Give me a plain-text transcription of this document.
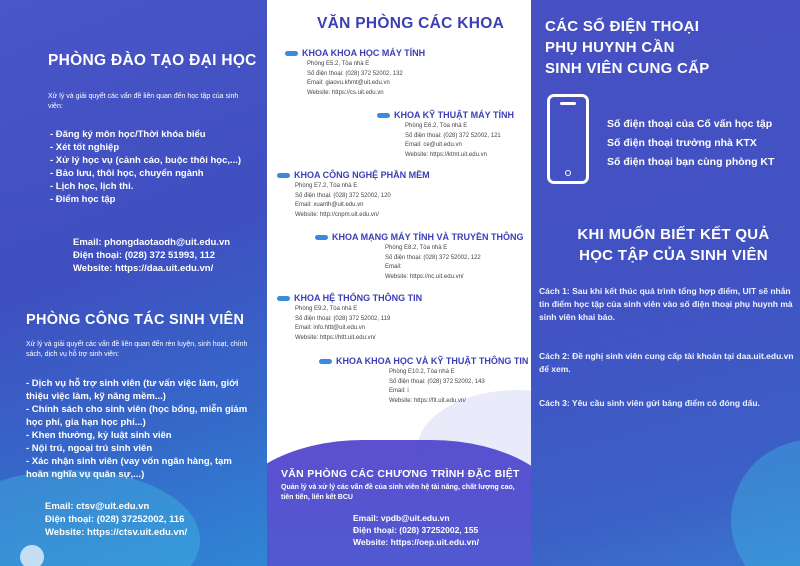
PHÒNG ĐÀO TẠO ĐẠI HỌC
Xử lý và giải quyết các vấn đề liên quan đến học tập của sinh viên:
- Đăng ký môn học/Thời khóa biểu
- Xét tốt nghiệp
- Xử lý học vụ (cảnh cáo, buộc thôi học,...)
- Bảo lưu, thôi học, chuyển ngành
- Lịch học, lịch thi.
- Điểm học tập
Email: phongdaotaodh@uit.edu.vn
Điện thoại: (028) 372 51993, 112
Website: https://daa.uit.edu.vn/
PHÒNG CÔNG TÁC SINH VIÊN
Xử lý và giải quyết các vấn đề liên quan đến rèn luyện, sinh hoạt, chính sách, dịch vụ hỗ trợ sinh viên:
- Dịch vụ hỗ trợ sinh viên (tư vấn việc làm, giới thiệu việc làm, kỹ năng mềm...)
- Chính sách cho sinh viên (học bổng, miễn giảm học phí, gia hạn học phí...)
- Khen thưởng, kỷ luật sinh viên
- Nội trú, ngoại trú sinh viên
- Xác nhận sinh viên (vay vốn ngân hàng, tạm hoãn nghĩa vụ quân sự,...)
Email: ctsv@uit.edu.vn
Điện thoại: (028) 37252002, 116
Website: https://ctsv.uit.edu.vn/
VĂN PHÒNG CÁC KHOA
KHOA KHOA HỌC MÁY TÍNH
Phòng E5.2, Tòa nhà E
Số điện thoại: (028) 372 52002, 132
Email: giaovu.khmt@uit.edu.vn
Website: https://cs.uit.edu.vn
KHOA KỸ THUẬT MÁY TÍNH
Phòng E6.2, Tòa nhà E
Số điện thoại: (028) 372 52002, 121
Email: ce@uit.edu.vn
Website: https://ktmt.uit.edu.vn
KHOA CÔNG NGHỆ PHẦN MỀM
Phòng E7.2, Tòa nhà E
Số điện thoại: (028) 372 52002, 120
Email: xuanth@uit.edu.vn
Website: http://cnpm.uit.edu.vn/
KHOA MẠNG MÁY TÍNH VÀ TRUYỀN THÔNG
Phòng E8.2, Tòa nhà E
Số điện thoại: (028) 372 52002, 122
Email:
Website: https://nc.uit.edu.vn/
KHOA HỆ THỐNG THÔNG TIN
Phòng E9.2, Tòa nhà E
Số điện thoại: (028) 372 52002, 119
Email: info.httt@uit.edu.vn
Website: https://httt.uit.edu.vn/
KHOA KHOA HỌC VÀ KỸ THUẬT THÔNG TIN
Phòng E10.2, Tòa nhà E
Số điện thoại: (028) 372 52002, 143
Email: i
Website: https://fit.uit.edu.vn/
VĂN PHÒNG CÁC CHƯƠNG TRÌNH ĐẶC BIỆT
Quản lý và xử lý các vấn đề của sinh viên hệ tài năng, chất lượng cao, tiên tiến, liên kết BCU
Email: vpdb@uit.edu.vn
Điện thoại: (028) 37252002, 155
Website: https://oep.uit.edu.vn/
CÁC SỐ ĐIỆN THOẠI
PHỤ HUYNH CẦN
SINH VIÊN CUNG CẤP
Số điện thoại của Cố vấn học tập
Số điện thoại trưởng nhà KTX
Số điện thoại bạn cùng phòng KT
KHI MUỐN BIẾT KẾT QUẢ
HỌC TẬP CỦA SINH VIÊN
Cách 1: Sau khi kết thúc quá trình tổng hợp điểm, UIT sẽ nhắn tin điểm học tập của sinh viên vào số điện thoại phụ huynh mà sinh viên khai báo.
Cách 2: Đề nghị sinh viên cung cấp tài khoản tại daa.uit.edu.vn để xem.
Cách 3: Yêu cầu sinh viên gửi bảng điểm có đóng dấu.
